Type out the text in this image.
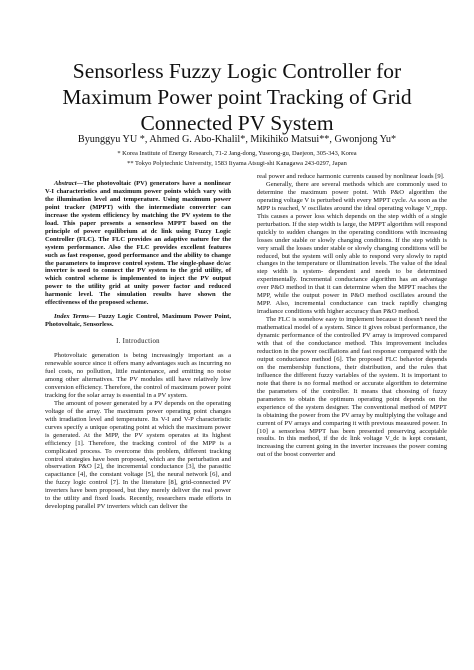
Sensorless Fuzzy Logic Controller for
Maximum Power point Tracking of Grid
Connected PV System
Byunggyu YU *, Ahmed G. Abo-Khalil*, Mikihiko Matsui**, Gwonjong Yu*
* Korea Institute of Energy Research, 71-2 Jang-dong, Yuseong-gu, Daejeon, 305-343, Korea
** Tokyo Polytechnic University, 1583 Iiyama Atsugi-shi Kanagawa 243-0297, Japan

Abstract—The photovoltaic (PV) generators have a nonlinear V-I characteristics and maximum power points which vary with the illumination level and temperature. Using maximum power point tracker (MPPT) with the intermediate converter can increase the system efficiency by matching the PV system to the load. This paper presents a sensorless MPPT based on the principle of power equilibrium at dc link using Fuzzy Logic Controller (FLC). The FLC provides an adaptive nature for the system performance. Also the FLC provides excellent features such as fast response, good performance and the ability to change the parameters to improve control system. The single-phase dc/ac inverter is used to connect the PV system to the grid utility, of which control scheme is implemented to inject the PV output power to the utility grid at unity power factor and reduced harmonic level. The simulation results have shown the effectiveness of the proposed scheme.

Index Terms— Fuzzy Logic Control, Maximum Power Point, Photovoltaic, Sensorless.

I. Introduction

Photovoltaic generation is being increasingly important as a renewable source since it offers many advantages such as incurring no fuel costs, no pollution, little maintenance, and emitting no noise among other alternatives. The PV modules still have relatively low conversion efficiency. Therefore, the control of maximum power point tracking for the solar array is essential in a PV system.

The amount of power generated by a PV depends on the operating voltage of the array. The maximum power operating point changes with irradiation level and temperature. Its V-I and V-P characteristic curves specify a unique operating point at which the maximum power is generated. At the MPP, the PV system operates at its highest efficiency [1]. Therefore, the tracking control of the MPP is a complicated process. To overcome this problem, different tracking control strategies have been proposed, which are the perturbation and observation P&O [2], the incremental conductance [3], the parasitic capacitance [4], the constant voltage [5], the neural network [6], and the fuzzy logic control [7]. In the literature [8], grid-connected PV inverters have been proposed, but they merely deliver the real power to the utility and fixed loads. Recently, researchers made efforts in developing parallel PV inverters which can deliver the

real power and reduce harmonic currents caused by nonlinear loads [9].

Generally, there are several methods which are commonly used to determine the maximum power point. With P&O algorithm the operating voltage V is perturbed with every MPPT cycle. As soon as the MPP is reached, V oscillates around the ideal operating voltage V_mpp. This causes a power loss which depends on the step width of a single perturbation. If the step width is large, the MPPT algorithm will respond quickly to sudden changes in the operating conditions with increasing losses under stable or slowly changing conditions. If the step width is very small the losses under stable or slowly changing conditions will be reduced, but the system will only able to respond very slowly to rapid changes in the temperature or illumination levels. The value of the ideal step width is system- dependent and needs to be determined experimentally. Incremental conductance algorithm has an advantage over P&O method in that it can determine when the MPPT reaches the MPP, while the output power in P&O method oscillates around the MPP. Also, incremental conductance can track rapidly changing irradiance conditions with higher accuracy than P&O method.

The FLC is somehow easy to implement because it doesn't need the mathematical model of a system. Since it gives robust performance, the dynamic performance of the controlled PV array is improved compared with that of the conductance method. This improvement includes reduction in the power oscillations and fast response compared with the output conductance method [6]. The proposed FLC behavior depends on the membership functions, their distribution, and the rules that influence the different fuzzy variables of the system. It is important to note that there is no formal method or accurate algorithm to determine the parameters of the controller. It means that choosing of fuzzy parameters to obtain the optimum operating point depends on the experience of the system designer. The conventional method of MPPT is obtaining the power from the PV array by multiplying the voltage and current of PV arrays and comparing it with previous measured power. In [10] a sensorless MPPT has been presented preserving acceptable results. In this method, if the dc link voltage V_dc is kept constant, increasing the current going in the inverter increases the power coming out of the boost converter and
